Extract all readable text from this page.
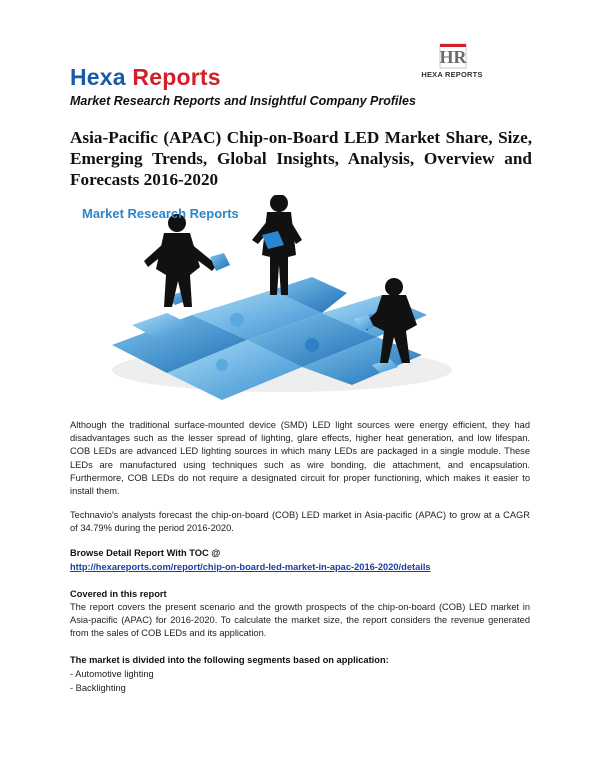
Hexa Reports
Market Research Reports and Insightful Company Profiles
HR
HEXA REPORTS
Asia-Pacific (APAC) Chip-on-Board LED Market Share, Size, Emerging Trends, Global Insights, Analysis, Overview and Forecasts 2016-2020
Market Research Reports
Although the traditional surface-mounted device (SMD) LED light sources were energy efficient, they had disadvantages such as the lesser spread of lighting, glare effects, higher heat generation, and low lifespan. COB LEDs are advanced LED lighting sources in which many LEDs are packaged in a single module. These LEDs are manufactured using techniques such as wire bonding, die attachment, and encapsulation. Furthermore, COB LEDs do not require a designated circuit for proper functioning, which makes it easier to install them.
Technavio's analysts forecast the chip-on-board (COB) LED market in Asia-pacific (APAC) to grow at a CAGR of 34.79% during the period 2016-2020.
Browse Detail Report With TOC @
http://hexareports.com/report/chip-on-board-led-market-in-apac-2016-2020/details
Covered in this report
The report covers the present scenario and the growth prospects of the chip-on-board (COB) LED market in Asia-pacific (APAC) for 2016-2020. To calculate the market size, the report considers the revenue generated from the sales of COB LEDs and its application.
The market is divided into the following segments based on application:
- Automotive lighting
- Backlighting
